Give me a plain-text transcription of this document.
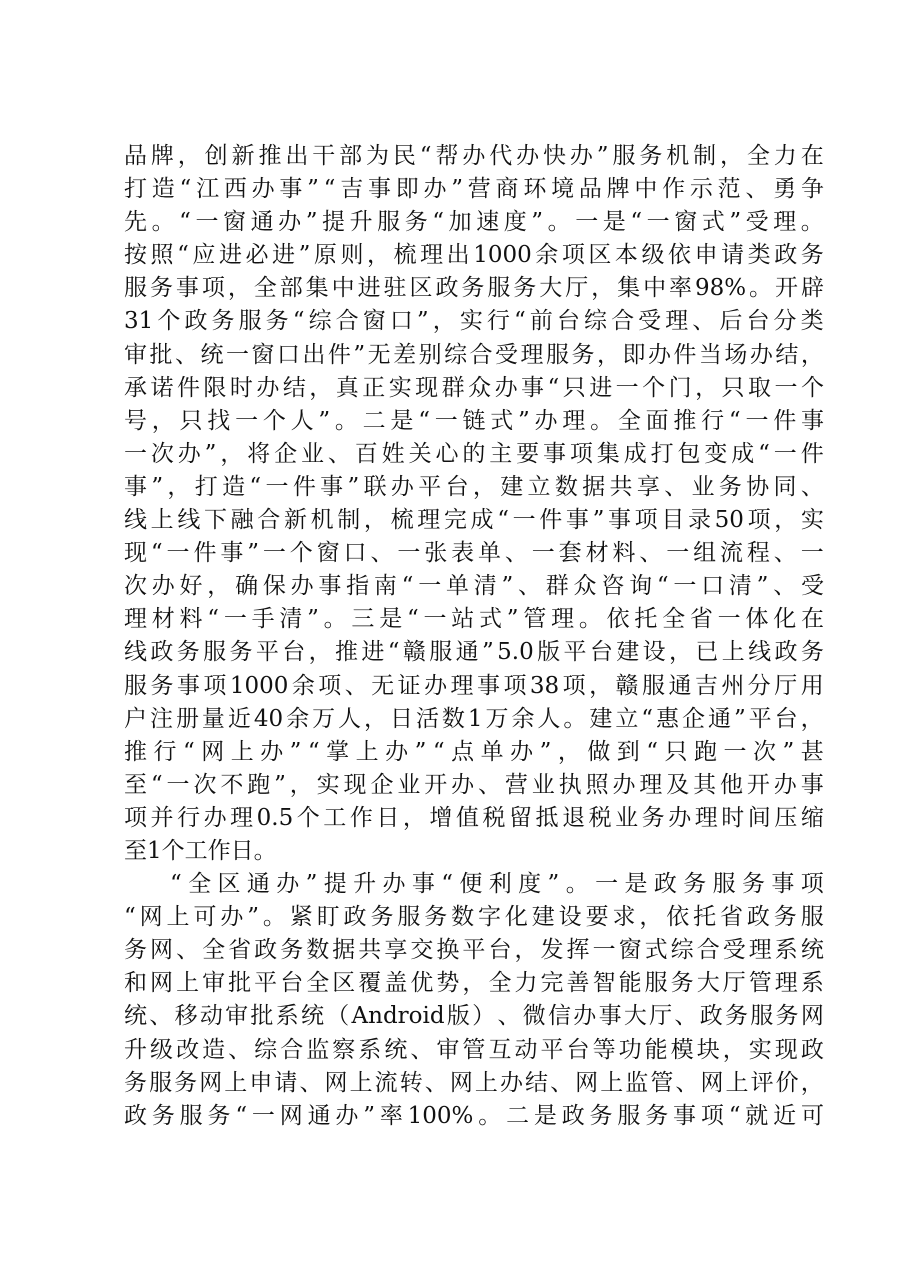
品 牌 ， 创 新 推 出 干 部 为 民 “ 帮 办 代 办 快 办 ” 服 务 机 制 ， 全 力 在
打 造 “ 江 西 办 事 ” “ 吉 事 即 办 ” 营 商 环 境 品 牌 中 作 示 范 、 勇 争
先 。 “ 一 窗 通 办 ” 提 升 服 务 “ 加 速 度 ” 。 一 是 “ 一 窗 式 ” 受 理 。
按 照 “ 应 进 必 进 ” 原 则 ， 梳 理 出 1000 余 项 区 本 级 依 申 请 类 政 务
服 务 事 项 ， 全 部 集 中 进 驻 区 政 务 服 务 大 厅 ， 集 中 率 98% 。 开 辟
31 个 政 务 服 务 “ 综 合 窗 口 ” ， 实 行 “ 前 台 综 合 受 理 、 后 台 分 类
审 批 、 统 一 窗 口 出 件 ” 无 差 别 综 合 受 理 服 务 ， 即 办 件 当 场 办 结 ，
承 诺 件 限 时 办 结 ， 真 正 实 现 群 众 办 事 “ 只 进 一 个 门 ， 只 取 一 个
号 ， 只 找 一 个 人 ” 。 二 是 “ 一 链 式 ” 办 理 。 全 面 推 行 “ 一 件 事
一 次 办 ” ， 将 企 业 、 百 姓 关 心 的 主 要 事 项 集 成 打 包 变 成 “ 一 件
事 ” ， 打 造 “ 一 件 事 ” 联 办 平 台 ， 建 立 数 据 共 享 、 业 务 协 同 、
线 上 线 下 融 合 新 机 制 ， 梳 理 完 成 “ 一 件 事 ” 事 项 目 录 50 项 ， 实
现 “ 一 件 事 ” 一 个 窗 口 、 一 张 表 单 、 一 套 材 料 、 一 组 流 程 、 一
次 办 好 ， 确 保 办 事 指 南 “ 一 单 清 ” 、 群 众 咨 询 “ 一 口 清 ” 、 受
理 材 料 “ 一 手 清 ” 。 三 是 “ 一 站 式 ” 管 理 。 依 托 全 省 一 体 化 在
线 政 务 服 务 平 台 ， 推 进 “ 赣 服 通 ” 5.0 版 平 台 建 设 ， 已 上 线 政 务
服 务 事 项 1000 余 项 、 无 证 办 理 事 项 38 项 ， 赣 服 通 吉 州 分 厅 用
户 注 册 量 近 40 余 万 人 ， 日 活 数 1 万 余 人 。 建 立 “ 惠 企 通 ” 平 台 ，
推 行 “ 网 上 办 ” “ 掌 上 办 ” “ 点 单 办 ” ， 做 到 “ 只 跑 一 次 ” 甚
至 “ 一 次 不 跑 ” ， 实 现 企 业 开 办 、 营 业 执 照 办 理 及 其 他 开 办 事
项 并 行 办 理 0.5 个 工 作 日 ， 增 值 税 留 抵 退 税 业 务 办 理 时 间 压 缩
至1个工作日。
“ 全 区 通 办 ” 提 升 办 事 “ 便 利 度 ” 。 一 是 政 务 服 务 事 项
“ 网 上 可 办 ” 。 紧 盯 政 务 服 务 数 字 化 建 设 要 求 ， 依 托 省 政 务 服
务 网 、 全 省 政 务 数 据 共 享 交 换 平 台 ， 发 挥 一 窗 式 综 合 受 理 系 统
和 网 上 审 批 平 台 全 区 覆 盖 优 势 ， 全 力 完 善 智 能 服 务 大 厅 管 理 系
统 、 移 动 审 批 系 统 （ Android 版 ） 、 微 信 办 事 大 厅 、 政 务 服 务 网
升 级 改 造 、 综 合 监 察 系 统 、 审 管 互 动 平 台 等 功 能 模 块 ， 实 现 政
务 服 务 网 上 申 请 、 网 上 流 转 、 网 上 办 结 、 网 上 监 管 、 网 上 评 价 ，
政 务 服 务 “ 一 网 通 办 ” 率 100% 。 二 是 政 务 服 务 事 项 “ 就 近 可
